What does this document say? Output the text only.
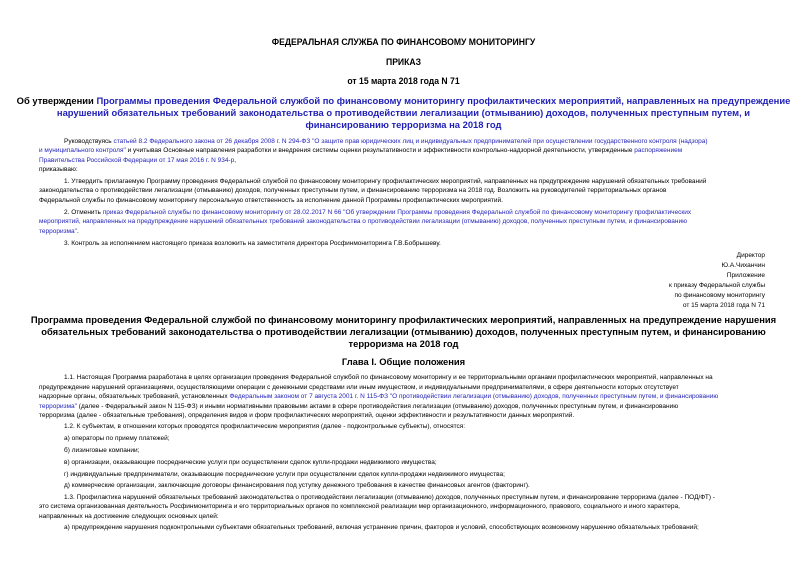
ФЕДЕРАЛЬНАЯ СЛУЖБА ПО ФИНАНСОВОМУ МОНИТОРИНГУ
ПРИКАЗ
от 15 марта 2018 года N 71
Об утверждении Программы проведения Федеральной службой по финансовому мониторингу профилактических мероприятий, направленных на предупреждение
нарушений обязательных требований законодательства о противодействии легализации (отмыванию) доходов, полученных преступным путем, и
финансированию терроризма на 2018 год
Руководствуясь статьей 8.2 Федерального закона от 26 декабря 2008 г. N 294-ФЗ "О защите прав юридических лиц и индивидуальных предпринимателей при осуществлении государственного контроля (надзора)
и муниципального контроля" и учитывая Основные направления разработки и внедрения системы оценки результативности и эффективности контрольно-надзорной деятельности, утвержденные распоряжением
Правительства Российской Федерации от 17 мая 2016 г. N 934-р,
приказываю:
1. Утвердить прилагаемую Программу проведения Федеральной службой по финансовому мониторингу профилактических мероприятий, направленных на предупреждение нарушений обязательных требований
законодательства о противодействии легализации (отмыванию) доходов, полученных преступным путем, и финансированию терроризма на 2018 год. Возложить на руководителей территориальных органов
Федеральной службы по финансовому мониторингу персональную ответственность за исполнение данной Программы профилактических мероприятий.
2. Отменить приказ Федеральной службы по финансовому мониторингу от 28.02.2017 N 66 "Об утверждении Программы проведения Федеральной службой по финансовому мониторингу профилактических
мероприятий, направленных на предупреждение нарушений обязательных требований законодательства о противодействии легализации (отмыванию) доходов, полученных преступным путем, и финансированию
терроризма".
3. Контроль за исполнением настоящего приказа возложить на заместителя директора Росфинмониторинга Г.В.Бобрышеву.
Директор
Ю.А.Чиханчин
Приложение
к приказу Федеральной службы
по финансовому мониторингу
от 15 марта 2018 года N 71
Программа проведения Федеральной службой по финансовому мониторингу профилактических мероприятий, направленных на предупреждение нарушения
обязательных требований законодательства о противодействии легализации (отмыванию) доходов, полученных преступным путем, и финансированию
терроризма на 2018 год
Глава I. Общие положения
1.1. Настоящая Программа разработана в целях организации проведения Федеральной службой по финансовому мониторингу и ее территориальными органами профилактических мероприятий, направленных на
предупреждение нарушений организациями, осуществляющими операции с денежными средствами или иным имуществом, и индивидуальными предпринимателями, в сфере деятельности которых отсутствует
надзорные органы, обязательных требований, установленных Федеральным законом от 7 августа 2001 г. N 115-ФЗ "О противодействии легализации (отмыванию) доходов, полученных преступным путем, и финансированию
терроризма" (далее - Федеральный закон N 115-ФЗ) и иными нормативными правовыми актами в сфере противодействия легализации (отмыванию) доходов, полученных преступным путем, и финансированию
терроризма (далее - обязательные требования), определения видов и форм профилактических мероприятий, оценки эффективности и результативности данных мероприятий.
1.2. К субъектам, в отношении которых проводятся профилактические мероприятия (далее - подконтрольные субъекты), относятся:
а) операторы по приему платежей;
б) лизинговые компании;
в) организации, оказывающие посреднические услуги при осуществлении сделок купли-продажи недвижимого имущества;
г) индивидуальные предприниматели, оказывающие посреднические услуги при осуществлении сделок купли-продажи недвижимого имущества;
д) коммерческие организации, заключающие договоры финансирования под уступку денежного требования в качестве финансовых агентов (факторинг).
1.3. Профилактика нарушений обязательных требований законодательства о противодействии легализации (отмыванию) доходов, полученных преступным путем, и финансирование терроризма (далее - ПОД/ФТ) -
это система организованная деятельность Росфинмониторинга и его территориальных органов по комплексной реализации мер организационного, информационного, правового, социального и иного характера,
направленных на достижение следующих основных целей:
а) предупреждение нарушения подконтрольными субъектами обязательных требований, включая устранение причин, факторов и условий, способствующих возможному нарушению обязательных требований;
